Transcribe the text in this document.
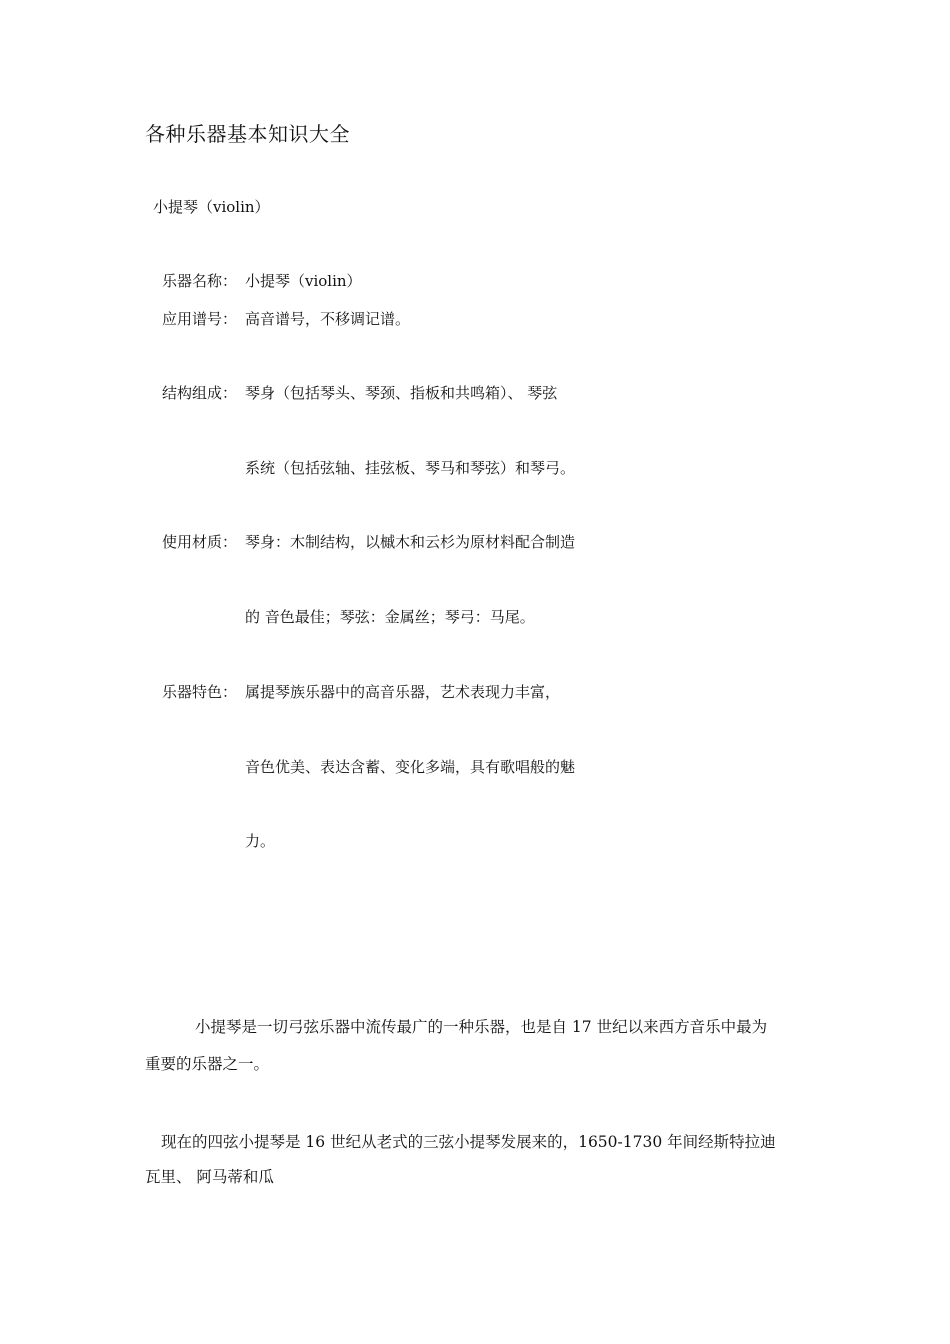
各种乐器基本知识大全
小提琴（violin）
乐器名称： 小提琴（violin）
应用谱号： 高音谱号，不移调记谱。
结构组成： 琴身（包括琴头、琴颈、指板和共鸣箱）、 琴弦
系统（包括弦轴、挂弦板、琴马和琴弦）和琴弓。
使用材质： 琴身：木制结构，以槭木和云杉为原材料配合制造
的 音色最佳；琴弦：金属丝；琴弓：马尾。
乐器特色： 属提琴族乐器中的高音乐器，艺术表现力丰富，
音色优美、表达含蓄、变化多端，具有歌唱般的魅
力。
小提琴是一切弓弦乐器中流传最广的一种乐器，也是自 17 世纪以来西方音乐中最为
重要的乐器之一。
现在的四弦小提琴是 16 世纪从老式的三弦小提琴发展来的，1650-1730 年间经斯特拉迪
瓦里、 阿马蒂和瓜
